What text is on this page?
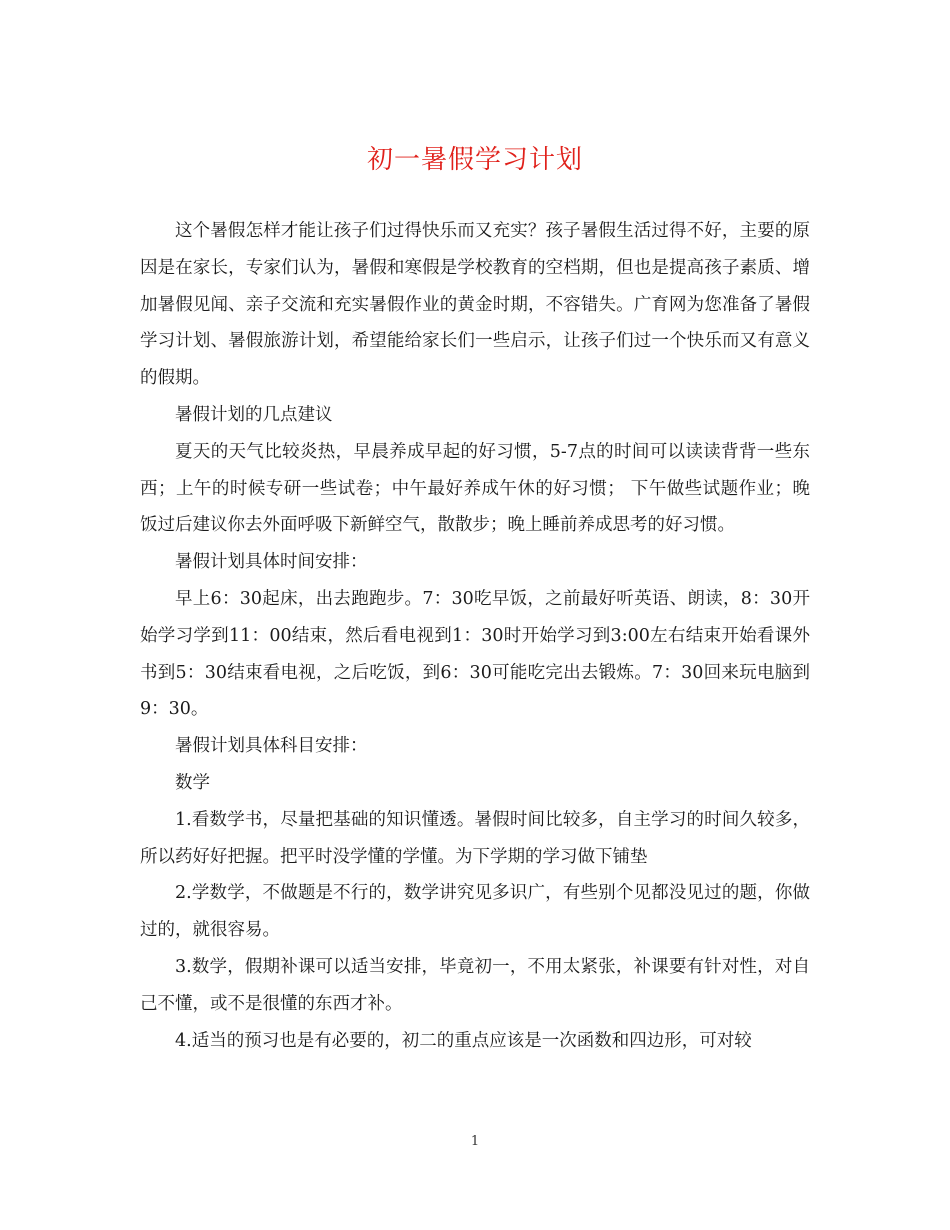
初一暑假学习计划

这个暑假怎样才能让孩子们过得快乐而又充实？孩子暑假生活过得不好，主要的原因是在家长，专家们认为，暑假和寒假是学校教育的空档期，但也是提高孩子素质、增加暑假见闻、亲子交流和充实暑假作业的黄金时期，不容错失。广育网为您准备了暑假学习计划、暑假旅游计划，希望能给家长们一些启示，让孩子们过一个快乐而又有意义的假期。

暑假计划的几点建议

夏天的天气比较炎热，早晨养成早起的好习惯，5-7点的时间可以读读背背一些东西；上午的时候专研一些试卷；中午最好养成午休的好习惯； 下午做些试题作业；晚饭过后建议你去外面呼吸下新鲜空气，散散步；晚上睡前养成思考的好习惯。

暑假计划具体时间安排：

早上6：30起床，出去跑跑步。7：30吃早饭，之前最好听英语、朗读，8：30开始学习学到11：00结束，然后看电视到1：30时开始学习到3:00左右结束开始看课外书到5：30结束看电视，之后吃饭，到6：30可能吃完出去锻炼。7：30回来玩电脑到9：30。

暑假计划具体科目安排：

数学

1.看数学书，尽量把基础的知识懂透。暑假时间比较多，自主学习的时间久较多，所以药好好把握。把平时没学懂的学懂。为下学期的学习做下铺垫

2.学数学，不做题是不行的，数学讲究见多识广，有些别个见都没见过的题，你做过的，就很容易。

3.数学，假期补课可以适当安排，毕竟初一，不用太紧张，补课要有针对性，对自己不懂，或不是很懂的东西才补。

4.适当的预习也是有必要的，初二的重点应该是一次函数和四边形，可对较

1
